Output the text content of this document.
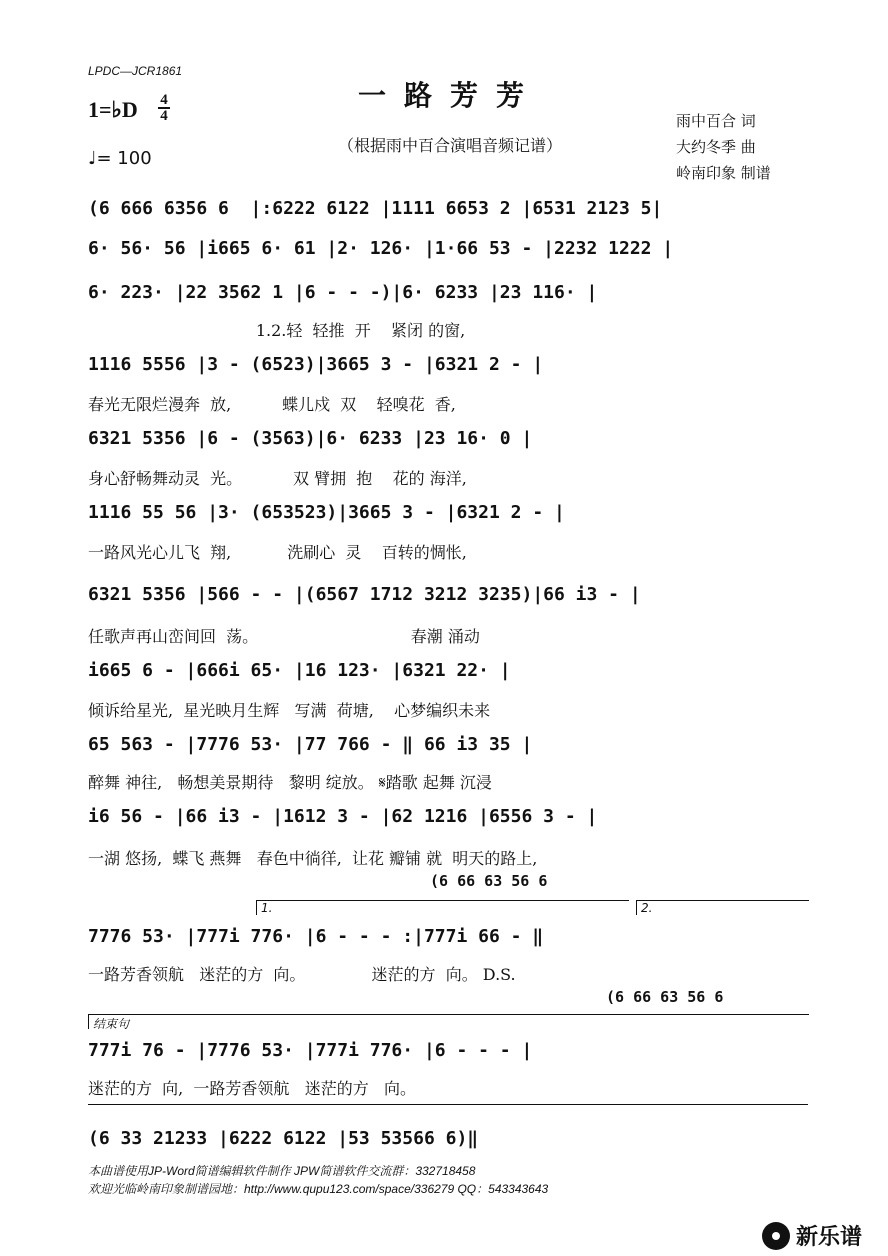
LPDC—JCR1861
一路芳芳
（根据雨中百合演唱音频记谱）
1=♭D 4
4
♩= 100
雨中百合 词
大约冬季 曲
岭南印象 制谱
(6 666 6356 6  |:6222 6122 |1111 6653 2 |6531 2123 5|
6· 56· 56 |i665 6· 61 |2· 126· |1·66 53 - |2232 1222 |
6· 223· |22 3562 1 |6 - - -)|6· 6233 |23 116· |
1.2.轻  轻推  开    紧闭 的窗,
1116 5556 |3 - (6523)|3665 3 - |6321 2 - |
春光无限烂漫奔  放,          蝶儿戍  双    轻嗅花  香,
6321 5356 |6 - (3563)|6· 6233 |23 16· 0 |
身心舒畅舞动灵  光。          双 臂拥  抱    花的 海洋,
1116 55 56 |3· (653523)|3665 3 - |6321 2 - |
一路风光心儿飞  翔,           洗刷心  灵    百转的惆怅,
6321 5356 |566 - - |(6567 1712 3212 3235)|66 i3 - |
任歌声再山峦间回  荡。                              春潮 涌动
i665 6 - |666i 65· |16 123· |6321 22· |
倾诉给星光,  星光映月生辉   写满  荷塘,    心梦编织未来
65 563 - |7776 53· |77 766 - ‖ 66 i3 35 |
醉舞 神往,   畅想美景期待   黎明 绽放。 𝄋踏歌 起舞 沉浸
i6 56 - |66 i3 - |1612 3 - |62 1216 |6556 3 - |
一湖 悠扬,  蝶飞 燕舞   春色中徜徉,  让花 瓣铺 就  明天的路上,
(6 66 63 56 6
1.	2.
7776 53· |777i 776· |6 - - - :|777i 66 - ‖
一路芳香领航   迷茫的方  向。             迷茫的方  向。 D.S.
(6 66 63 56 6
结束句
777i 76 - |7776 53· |777i 776· |6 - - - |
迷茫的方  向,  一路芳香领航   迷茫的方   向。
(6 33 21233 |6222 6122 |53 53566 6)‖
本曲谱使用JP-Word简谱编辑软件制作 JPW简谱软件交流群：332718458
欢迎光临岭南印象制谱园地：http://www.qupu123.com/space/336279 QQ：543343643
新乐谱
